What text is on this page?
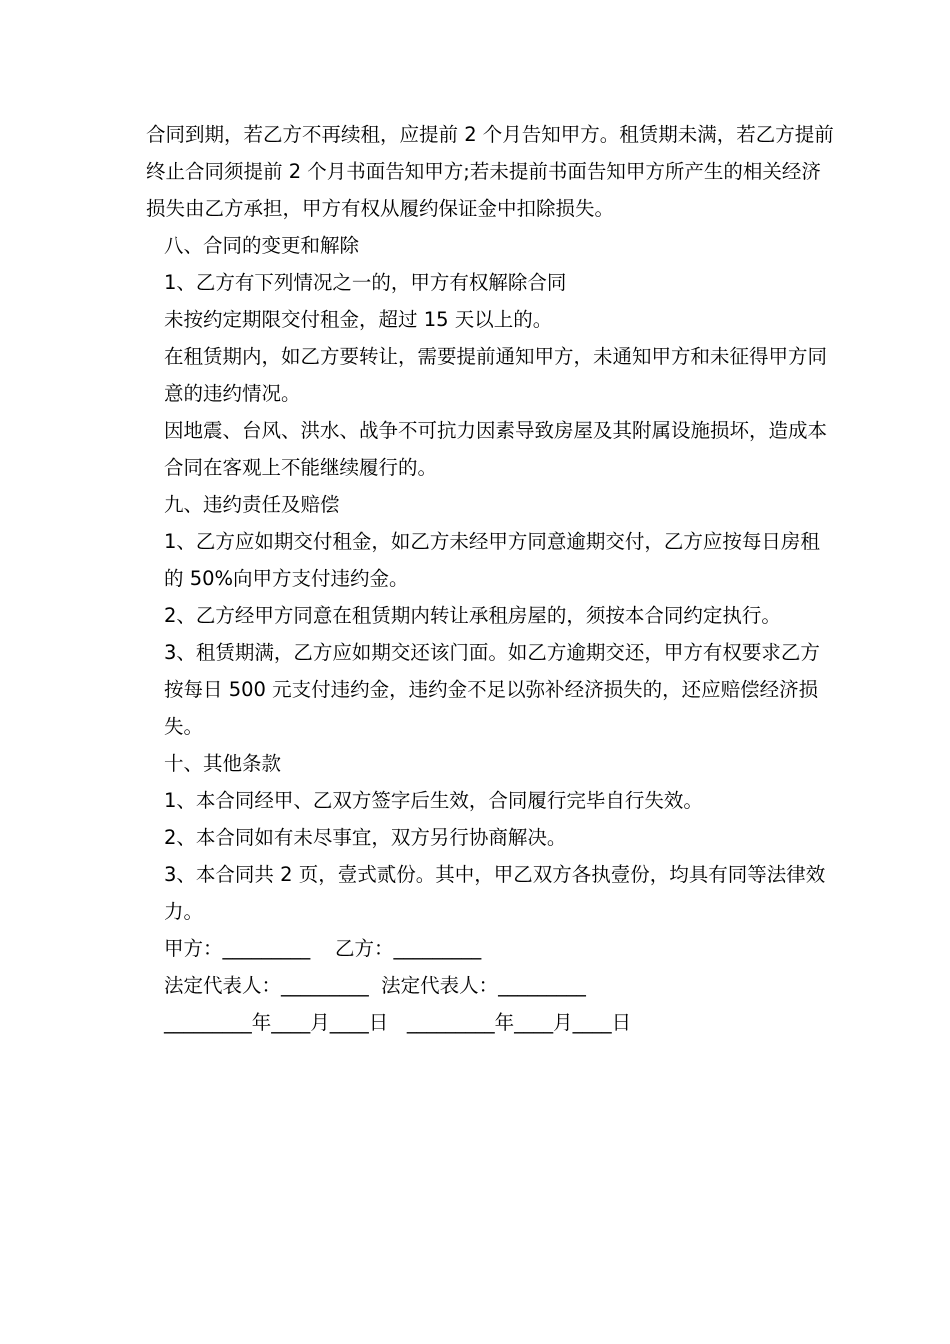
合同到期，若乙方不再续租，应提前 2 个月告知甲方。租赁期未满，若乙方提前终止合同须提前 2 个月书面告知甲方;若未提前书面告知甲方所产生的相关经济损失由乙方承担，甲方有权从履约保证金中扣除损失。

八、合同的变更和解除

1、乙方有下列情况之一的，甲方有权解除合同

未按约定期限交付租金，超过 15 天以上的。

在租赁期内，如乙方要转让，需要提前通知甲方，未通知甲方和未征得甲方同意的违约情况。

因地震、台风、洪水、战争不可抗力因素导致房屋及其附属设施损坏，造成本合同在客观上不能继续履行的。

九、违约责任及赔偿

1、乙方应如期交付租金，如乙方未经甲方同意逾期交付，乙方应按每日房租的 50%向甲方支付违约金。

2、乙方经甲方同意在租赁期内转让承租房屋的，须按本合同约定执行。

3、租赁期满，乙方应如期交还该门面。如乙方逾期交还，甲方有权要求乙方按每日 500 元支付违约金，违约金不足以弥补经济损失的，还应赔偿经济损失。

十、其他条款

1、本合同经甲、乙双方签字后生效，合同履行完毕自行失效。

2、本合同如有未尽事宜，双方另行协商解决。

3、本合同共 2 页，壹式贰份。其中，甲乙双方各执壹份，均具有同等法律效力。

甲方：_________    乙方：_________

法定代表人：_________  法定代表人：_________

_________年____月____日   _________年____月____日
